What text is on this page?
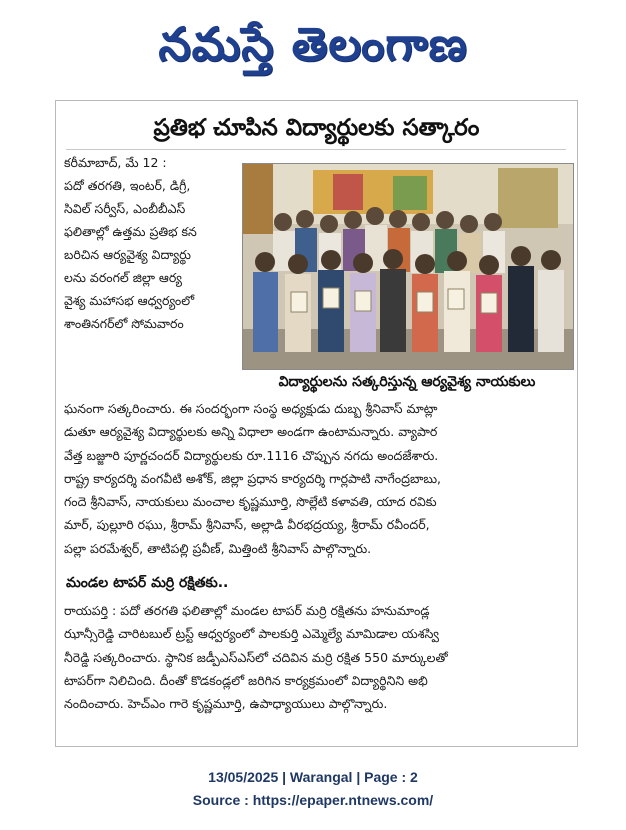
నమస్తే తెలంగాణ
ప్రతిభ చూపిన విద్యార్థులకు సత్కారం
కరీమాబాద్, మే 12 :
పదో తరగతి, ఇంటర్, డిగ్రీ,
సివిల్ సర్వీస్, ఎంబీబీఎస్
ఫలితాల్లో ఉత్తమ ప్రతిభ కన
బరిచిన ఆర్యవైశ్య విద్యార్థు
లను వరంగల్ జిల్లా ఆర్య
వైశ్య మహాసభ ఆధ్వర్యంలో
శాంతినగర్‌లో సోమవారం
విద్యార్థులను సత్కరిస్తున్న ఆర్యవైశ్య నాయకులు
ఘనంగా సత్కరించారు. ఈ సందర్భంగా సంస్థ అధ్యక్షుడు దుబ్బ శ్రీనివాస్ మాట్లా
డుతూ ఆర్యవైశ్య విద్యార్థులకు అన్ని విధాలా అండగా ఉంటామన్నారు. వ్యాపార
వేత్త బజ్జూరి పూర్ణచందర్ విద్యార్థులకు రూ.1116 చొప్పున నగదు అందజేశారు.
రాష్ట్ర కార్యదర్శి వంగవీటి అశోక్, జిల్లా ప్రధాన కార్యదర్శి గార్లపాటి నాగేంద్రబాబు,
గందె శ్రీనివాస్, నాయకులు మంచాల కృష్ణమూర్తి, సొల్లేటి కళావతి, యాద రవికు
మార్, పుల్లూరి రఘు, శ్రీరామ్ శ్రీనివాస్, అల్లాడి వీరభద్రయ్య, శ్రీరామ్ రవీందర్,
పల్లా పరమేశ్వర్, తాటిపల్లి ప్రవీణ్, మిత్తింటి శ్రీనివాస్ పాల్గొన్నారు.
మండల టాపర్ మర్రి రక్షితకు..
రాయపర్తి : పదో తరగతి ఫలితాల్లో మండల టాపర్ మర్రి రక్షితను హనుమాండ్ల
ఝాన్సీరెడ్డి చారిటబుల్ ట్రస్ట్ ఆధ్వర్యంలో పాలకుర్తి ఎమ్మెల్యే మామిడాల యశస్వి
నీరెడ్డి సత్కరించారు. స్థానిక జడ్పీఎస్ఎస్‌లో చదివిన మర్రి రక్షిత 550 మార్కులతో
టాపర్‌గా నిలిచింది. దీంతో కొడకండ్లలో జరిగిన కార్యక్రమంలో విద్యార్థినిని అభి
నందించారు. హెచ్ఎం గారె కృష్ణమూర్తి, ఉపాధ్యాయులు పాల్గొన్నారు.
13/05/2025 | Warangal | Page : 2
Source : https://epaper.ntnews.com/
